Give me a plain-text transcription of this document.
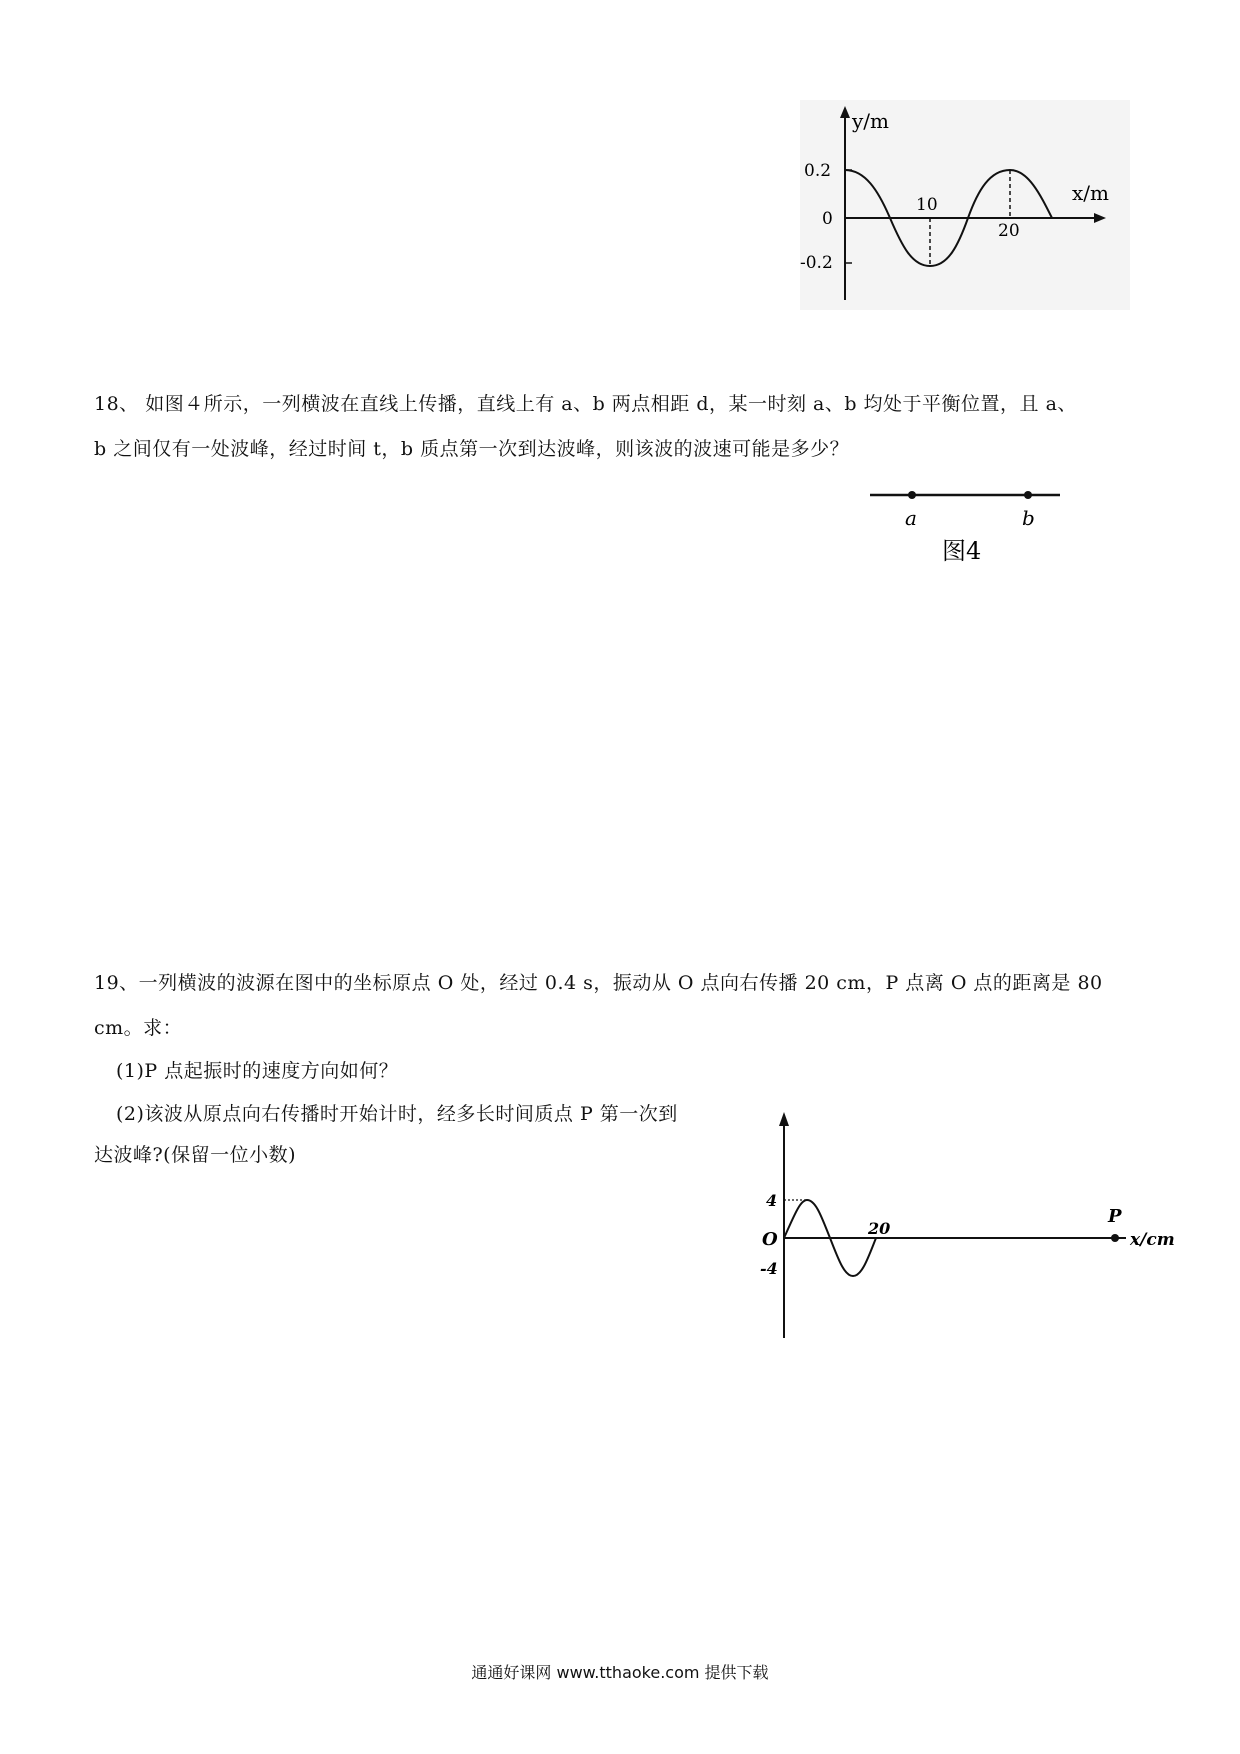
y/m
x/m
0.2
0
-0.2
10
20
18、 如图４所示，一列横波在直线上传播，直线上有 a、b 两点相距 d，某一时刻 a、b 均处于平衡位置，且 a、
b 之间仅有一处波峰，经过时间 t，b 质点第一次到达波峰，则该波的波速可能是多少？
a	b
图4
19、一列横波的波源在图中的坐标原点 O 处，经过 0.4 s，振动从 O 点向右传播 20 cm，P 点离 O 点的距离是 80
cm。求：
(1)P 点起振时的速度方向如何？
(2)该波从原点向右传播时开始计时，经多长时间质点 P 第一次到
达波峰?(保留一位小数)
4
O
-4
20
P
x/cm
通通好课网 www.tthaoke.com 提供下载
